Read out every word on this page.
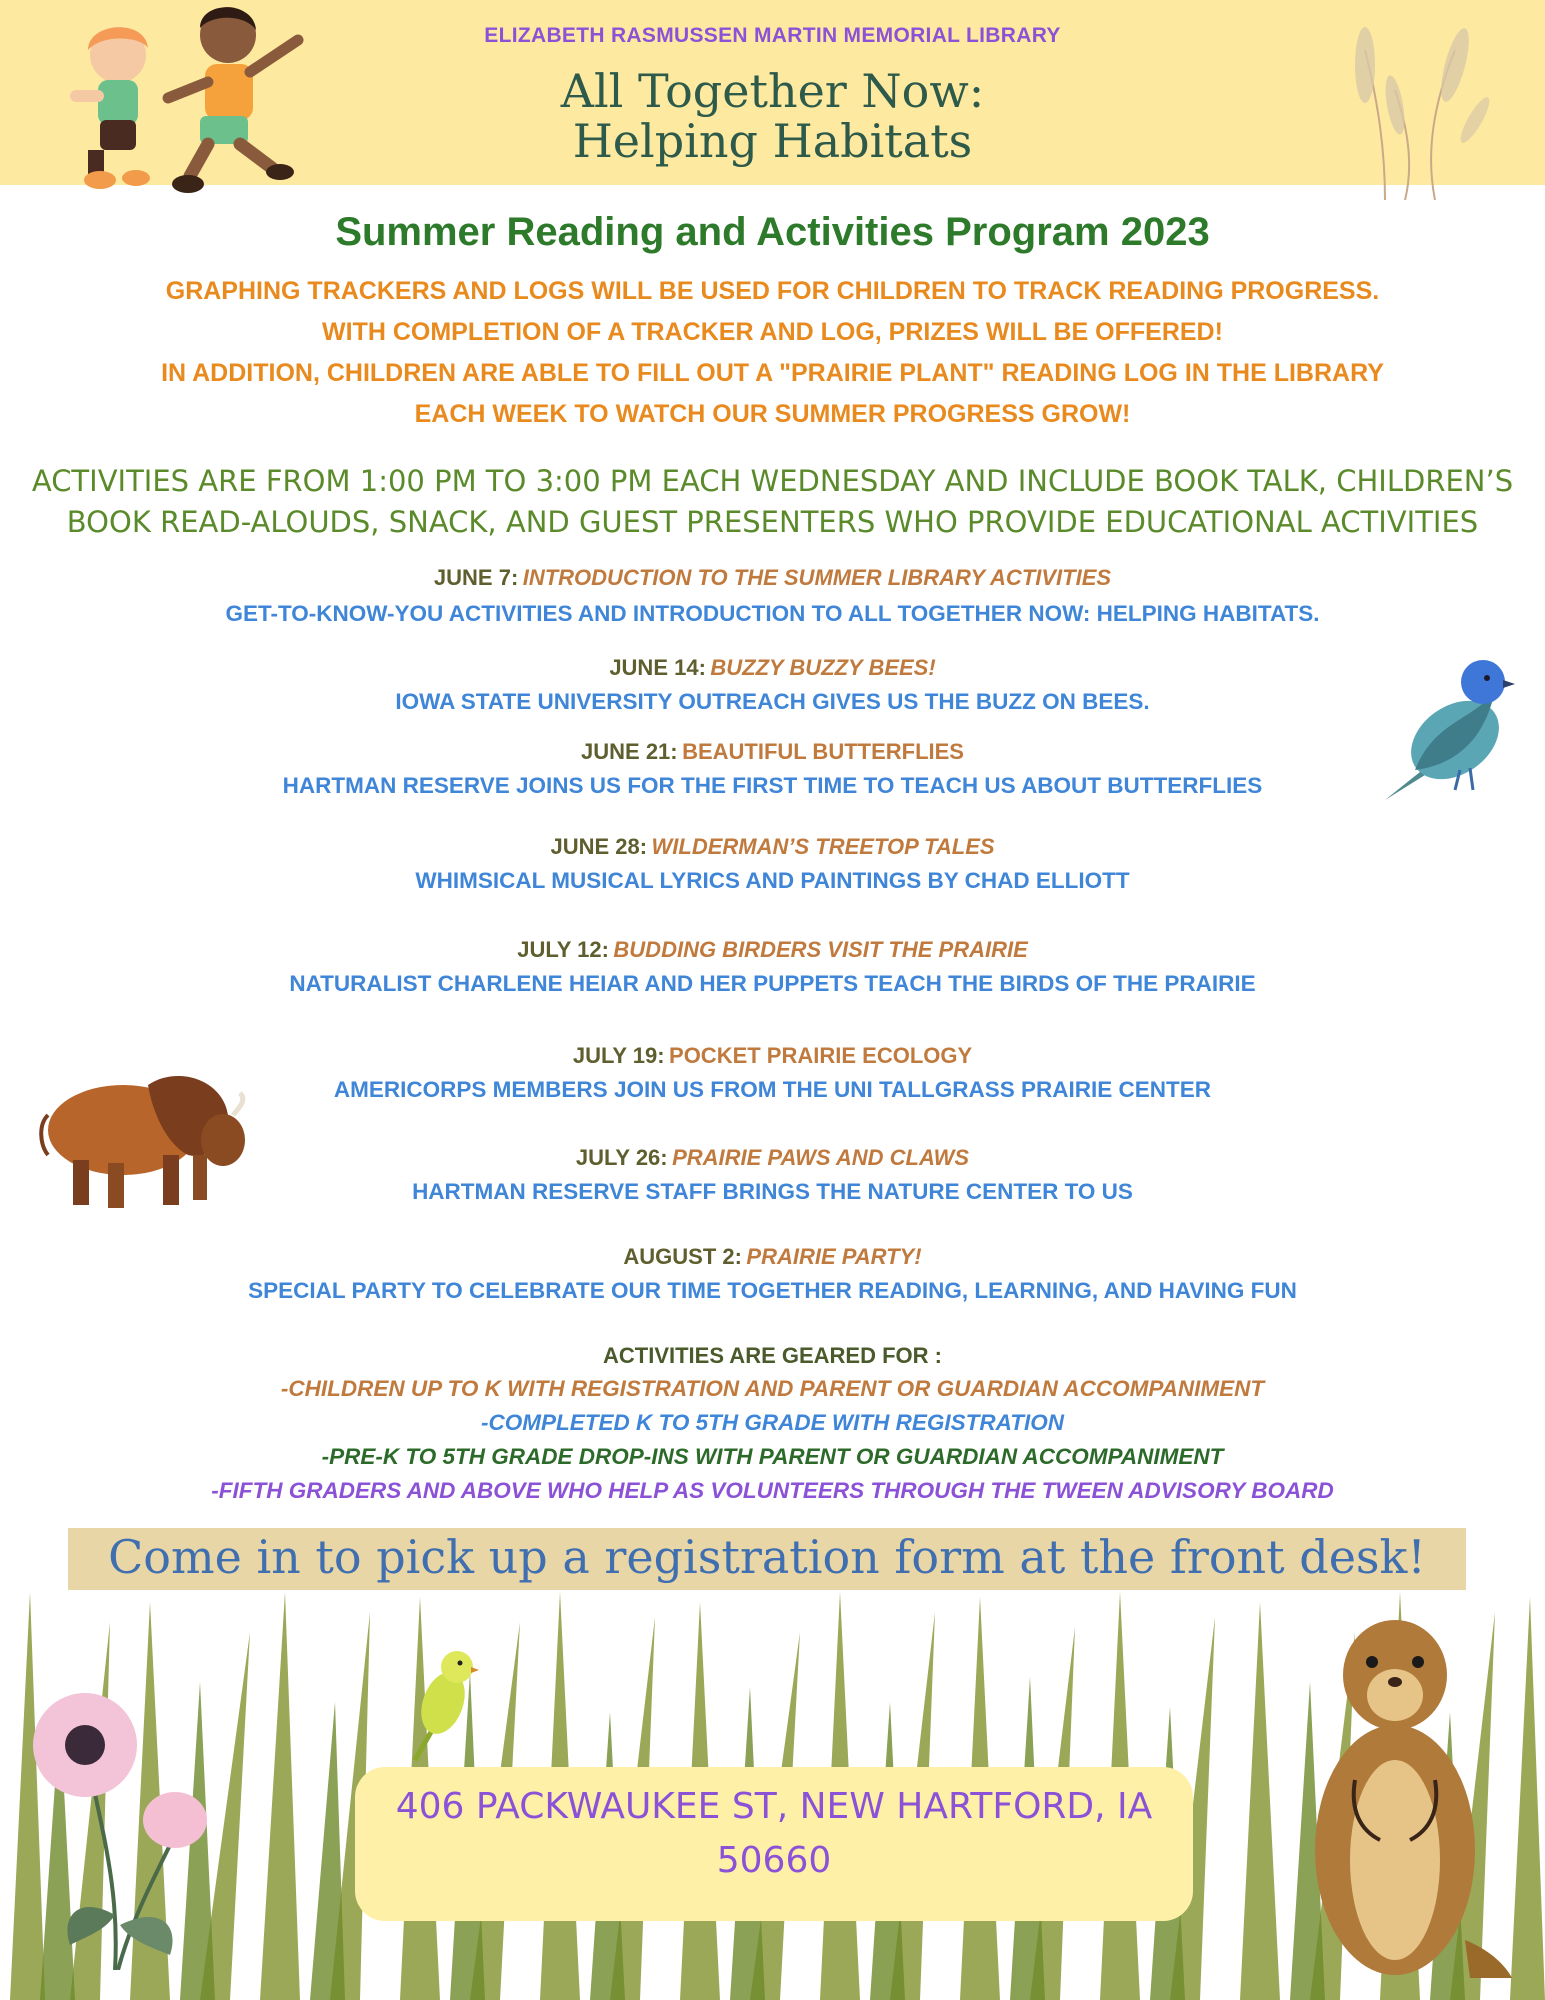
ELIZABETH RASMUSSEN MARTIN MEMORIAL LIBRARY
All Together Now:
Helping Habitats
Summer Reading and Activities Program 2023
GRAPHING TRACKERS AND LOGS WILL BE USED FOR CHILDREN TO TRACK READING PROGRESS.
WITH COMPLETION OF A TRACKER AND LOG, PRIZES WILL BE OFFERED!
IN ADDITION, CHILDREN ARE ABLE TO FILL OUT A "PRAIRIE PLANT" READING LOG IN THE LIBRARY
EACH WEEK TO WATCH OUR SUMMER PROGRESS GROW!
ACTIVITIES ARE FROM 1:00 PM TO 3:00 PM EACH WEDNESDAY AND INCLUDE BOOK TALK, CHILDREN’S
BOOK READ-ALOUDS, SNACK, AND GUEST PRESENTERS WHO PROVIDE EDUCATIONAL ACTIVITIES
JUNE 7: INTRODUCTION TO THE SUMMER LIBRARY ACTIVITIES
GET-TO-KNOW-YOU ACTIVITIES AND INTRODUCTION TO ALL TOGETHER NOW: HELPING HABITATS.
JUNE 14: BUZZY BUZZY BEES!
IOWA STATE UNIVERSITY OUTREACH GIVES US THE BUZZ ON BEES.
JUNE 21: BEAUTIFUL BUTTERFLIES
HARTMAN RESERVE JOINS US FOR THE FIRST TIME TO TEACH US ABOUT BUTTERFLIES
JUNE 28: WILDERMAN’S TREETOP TALES
WHIMSICAL MUSICAL LYRICS AND PAINTINGS BY CHAD ELLIOTT
JULY 12: BUDDING BIRDERS VISIT THE PRAIRIE
NATURALIST CHARLENE HEIAR AND HER PUPPETS TEACH THE BIRDS OF THE PRAIRIE
JULY 19: POCKET PRAIRIE ECOLOGY
AMERICORPS MEMBERS JOIN US FROM THE UNI TALLGRASS PRAIRIE CENTER
JULY 26: PRAIRIE PAWS AND CLAWS
HARTMAN RESERVE STAFF BRINGS THE NATURE CENTER TO US
AUGUST 2: PRAIRIE PARTY!
SPECIAL PARTY TO CELEBRATE OUR TIME TOGETHER READING, LEARNING, AND HAVING FUN
ACTIVITIES ARE GEARED FOR :
-CHILDREN UP TO K WITH REGISTRATION AND PARENT OR GUARDIAN ACCOMPANIMENT
-COMPLETED K TO 5TH GRADE WITH REGISTRATION
-PRE-K TO 5TH GRADE DROP-INS WITH PARENT OR GUARDIAN ACCOMPANIMENT
-FIFTH GRADERS AND ABOVE WHO HELP AS VOLUNTEERS THROUGH THE TWEEN ADVISORY BOARD
Come in to pick up a registration form at the front desk!
406 PACKWAUKEE ST, NEW HARTFORD, IA
50660
